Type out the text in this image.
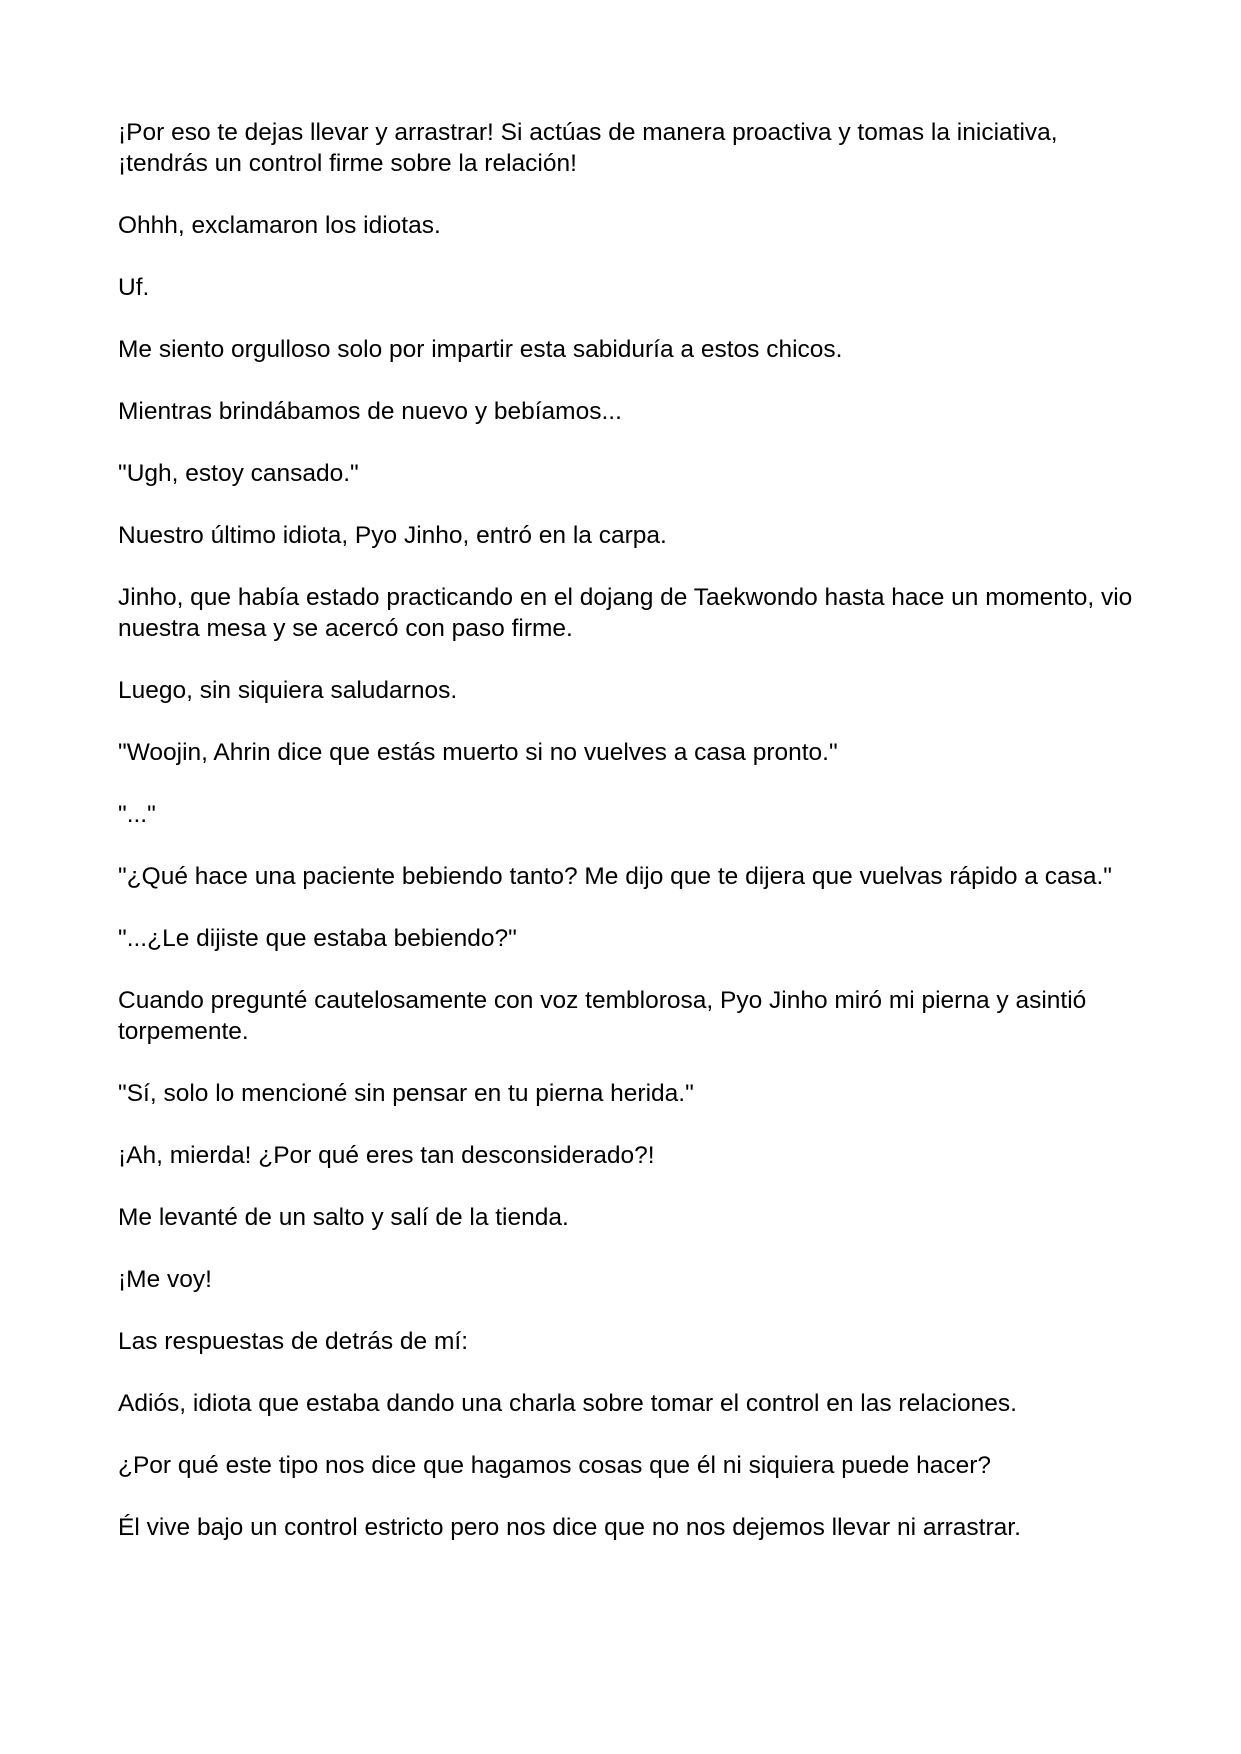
¡Por eso te dejas llevar y arrastrar! Si actúas de manera proactiva y tomas la iniciativa, ¡tendrás un control firme sobre la relación!

Ohhh, exclamaron los idiotas.

Uf.

Me siento orgulloso solo por impartir esta sabiduría a estos chicos.

Mientras brindábamos de nuevo y bebíamos...

"Ugh, estoy cansado."

Nuestro último idiota, Pyo Jinho, entró en la carpa.

Jinho, que había estado practicando en el dojang de Taekwondo hasta hace un momento, vio nuestra mesa y se acercó con paso firme.

Luego, sin siquiera saludarnos.

"Woojin, Ahrin dice que estás muerto si no vuelves a casa pronto."

"..."

"¿Qué hace una paciente bebiendo tanto? Me dijo que te dijera que vuelvas rápido a casa."

"...¿Le dijiste que estaba bebiendo?"

Cuando pregunté cautelosamente con voz temblorosa, Pyo Jinho miró mi pierna y asintió torpemente.

"Sí, solo lo mencioné sin pensar en tu pierna herida."

¡Ah, mierda! ¿Por qué eres tan desconsiderado?!

Me levanté de un salto y salí de la tienda.

¡Me voy!

Las respuestas de detrás de mí:

Adiós, idiota que estaba dando una charla sobre tomar el control en las relaciones.

¿Por qué este tipo nos dice que hagamos cosas que él ni siquiera puede hacer?

Él vive bajo un control estricto pero nos dice que no nos dejemos llevar ni arrastrar.
